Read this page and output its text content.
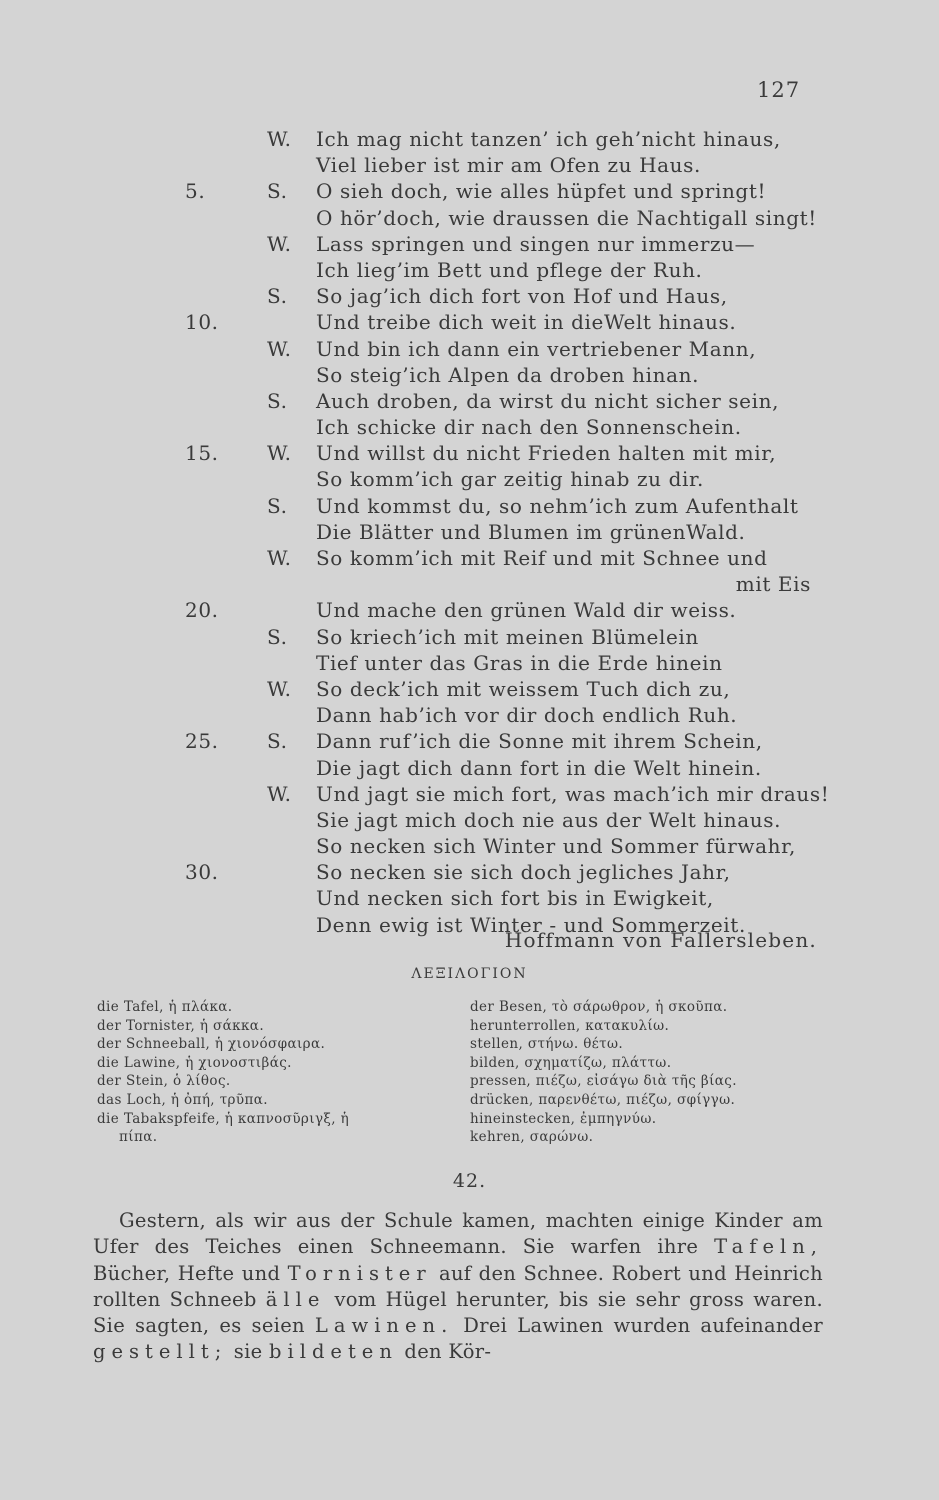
127
W. Ich mag nicht tanzen’ ich geh’nicht hinaus,
Viel lieber ist mir am Ofen zu Haus.
5.	S. O sieh doch, wie alles hüpfet und springt!
O hör’doch, wie draussen die Nachtigall singt!
W. Lass springen und singen nur immerzu—
Ich lieg’im Bett und pflege der Ruh.
S. So jag’ich dich fort von Hof und Haus,
10.	Und treibe dich weit in dieWelt hinaus.
W. Und bin ich dann ein vertriebener Mann,
So steig’ich Alpen da droben hinan.
S. Auch droben, da wirst du nicht sicher sein,
Ich schicke dir nach den Sonnenschein.
15.	W. Und willst du nicht Frieden halten mit mir,
So komm’ich gar zeitig hinab zu dir.
S. Und kommst du, so nehm’ich zum Aufenthalt
Die Blätter und Blumen im grünenWald.
W. So komm’ich mit Reif und mit Schnee und
mit Eis
20.	Und mache den grünen Wald dir weiss.
S. So kriech’ich mit meinen Blümelein
Tief unter das Gras in die Erde hinein
W. So deck’ich mit weissem Tuch dich zu,
Dann hab’ich vor dir doch endlich Ruh.
25.	S. Dann ruf’ich die Sonne mit ihrem Schein,
Die jagt dich dann fort in die Welt hinein.
W. Und jagt sie mich fort, was mach’ich mir draus!
Sie jagt mich doch nie aus der Welt hinaus.
So necken sich Winter und Sommer fürwahr,
30.	So necken sie sich doch jegliches Jahr,
Und necken sich fort bis in Ewigkeit,
Denn ewig ist Winter - und Sommerzeit.
Hoffmann von Fallersleben.
ΛΕΞΙΛΟΓΙΟΝ
die Tafel, ἡ πλάκα.
der Tornister, ἡ σάκκα.
der Schneeball, ἡ χιονόσφαιρα.
die Lawine, ἡ χιονοστιβάς.
der Stein, ὁ λίθος.
das Loch, ἡ ὀπή, τρῦπα.
die Tabakspfeife, ἡ καπνοσῦριγξ, ἡ
πίπα.
der Besen, τὸ σάρωθρον, ἡ σκοῦπα.
herunterrollen, κατακυλίω.
stellen, στήνω. θέτω.
bilden, σχηματίζω, πλάττω.
pressen, πιέζω, εἰσάγω διὰ τῆς βίας.
drücken, παρενθέτω, πιέζω, σφίγγω.
hineinstecken, ἐμπηγνύω.
kehren, σαρώνω.
42.

Gestern, als wir aus der Schule kamen, machten einige Kinder am Ufer des Teiches einen Schneemann. Sie warfen ihre Tafeln, Bücher, Hefte und Tornister auf den Schnee. Robert und Heinrich rollten Schneeb älle vom Hügel herunter, bis sie sehr gross waren. Sie sagten, es seien Lawinen. Drei Lawinen wurden aufeinander gestellt; sie bildeten den Kör-
